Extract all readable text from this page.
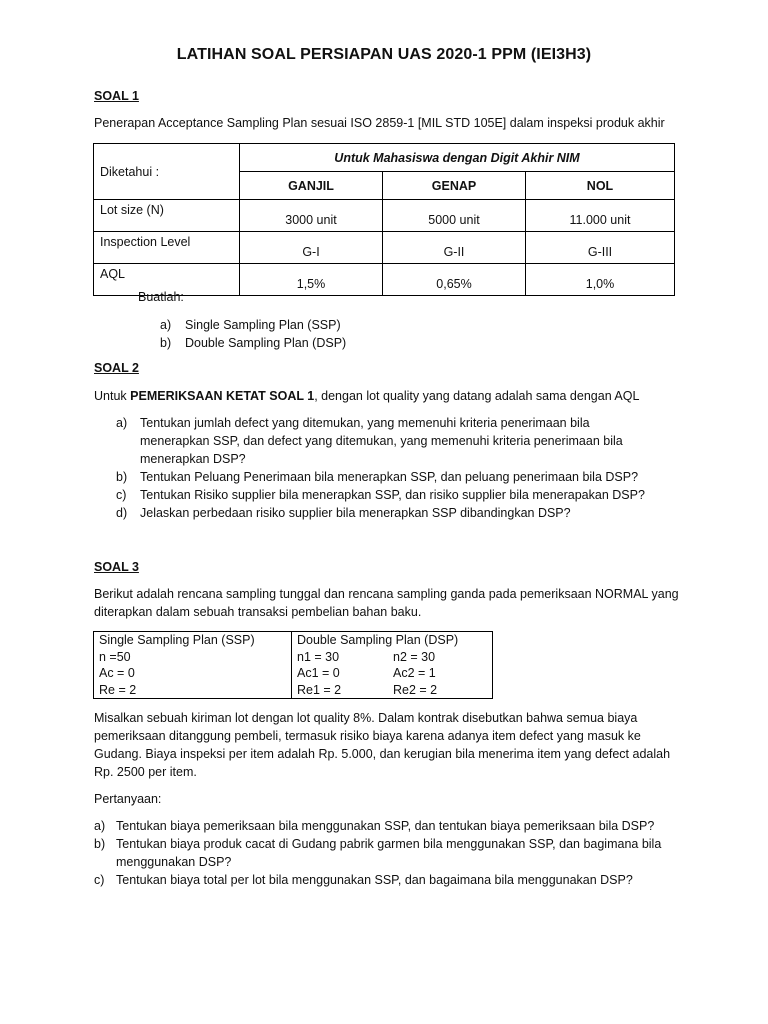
LATIHAN SOAL PERSIAPAN UAS 2020-1 PPM (IEI3H3)
SOAL 1
Penerapan Acceptance Sampling Plan sesuai ISO 2859-1 [MIL STD 105E] dalam inspeksi produk akhir
Diketahui :	Untuk Mahasiswa dengan Digit Akhir NIM		
	GANJIL	GENAP	NOL
Lot size (N)	3000 unit	5000 unit	11.000 unit
Inspection Level	G-I	G-II	G-III
AQL	1,5%	0,65%	1,0%
Buatlah:
a)	Single Sampling Plan (SSP)
b)	Double Sampling Plan (DSP)
SOAL 2
Untuk PEMERIKSAAN KETAT SOAL 1, dengan lot quality yang datang adalah sama dengan AQL
a)	Tentukan jumlah defect yang ditemukan, yang memenuhi kriteria penerimaan bila menerapkan SSP, dan defect yang ditemukan, yang memenuhi kriteria penerimaan bila menerapkan DSP?
b)	Tentukan Peluang Penerimaan bila menerapkan SSP, dan peluang penerimaan bila DSP?
c)	Tentukan Risiko supplier bila menerapkan SSP, dan risiko supplier bila menerapakan DSP?
d)	Jelaskan perbedaan risiko supplier bila menerapkan SSP dibandingkan DSP?
SOAL 3
Berikut adalah rencana sampling tunggal dan rencana sampling ganda pada pemeriksaan NORMAL yang diterapkan dalam sebuah transaksi pembelian bahan baku.
Single Sampling Plan (SSP)	Double Sampling Plan (DSP)
n =50	n1 = 30 n2 = 30
Ac = 0	Ac1 = 0 Ac2 = 1
Re = 2	Re1 = 2 Re2 = 2
Misalkan sebuah kiriman lot dengan lot quality 8%. Dalam kontrak disebutkan bahwa semua biaya pemeriksaan ditanggung pembeli, termasuk risiko biaya karena adanya item defect yang masuk ke Gudang. Biaya inspeksi per item adalah Rp. 5.000, dan kerugian bila menerima item yang defect adalah Rp. 2500 per item.
Pertanyaan:
a) Tentukan biaya pemeriksaan bila menggunakan SSP, dan tentukan biaya pemeriksaan bila DSP?
b) Tentukan biaya produk cacat di Gudang pabrik garmen bila menggunakan SSP, dan bagimana bila menggunakan DSP?
c) Tentukan biaya total per lot bila menggunakan SSP, dan bagaimana bila menggunakan DSP?
